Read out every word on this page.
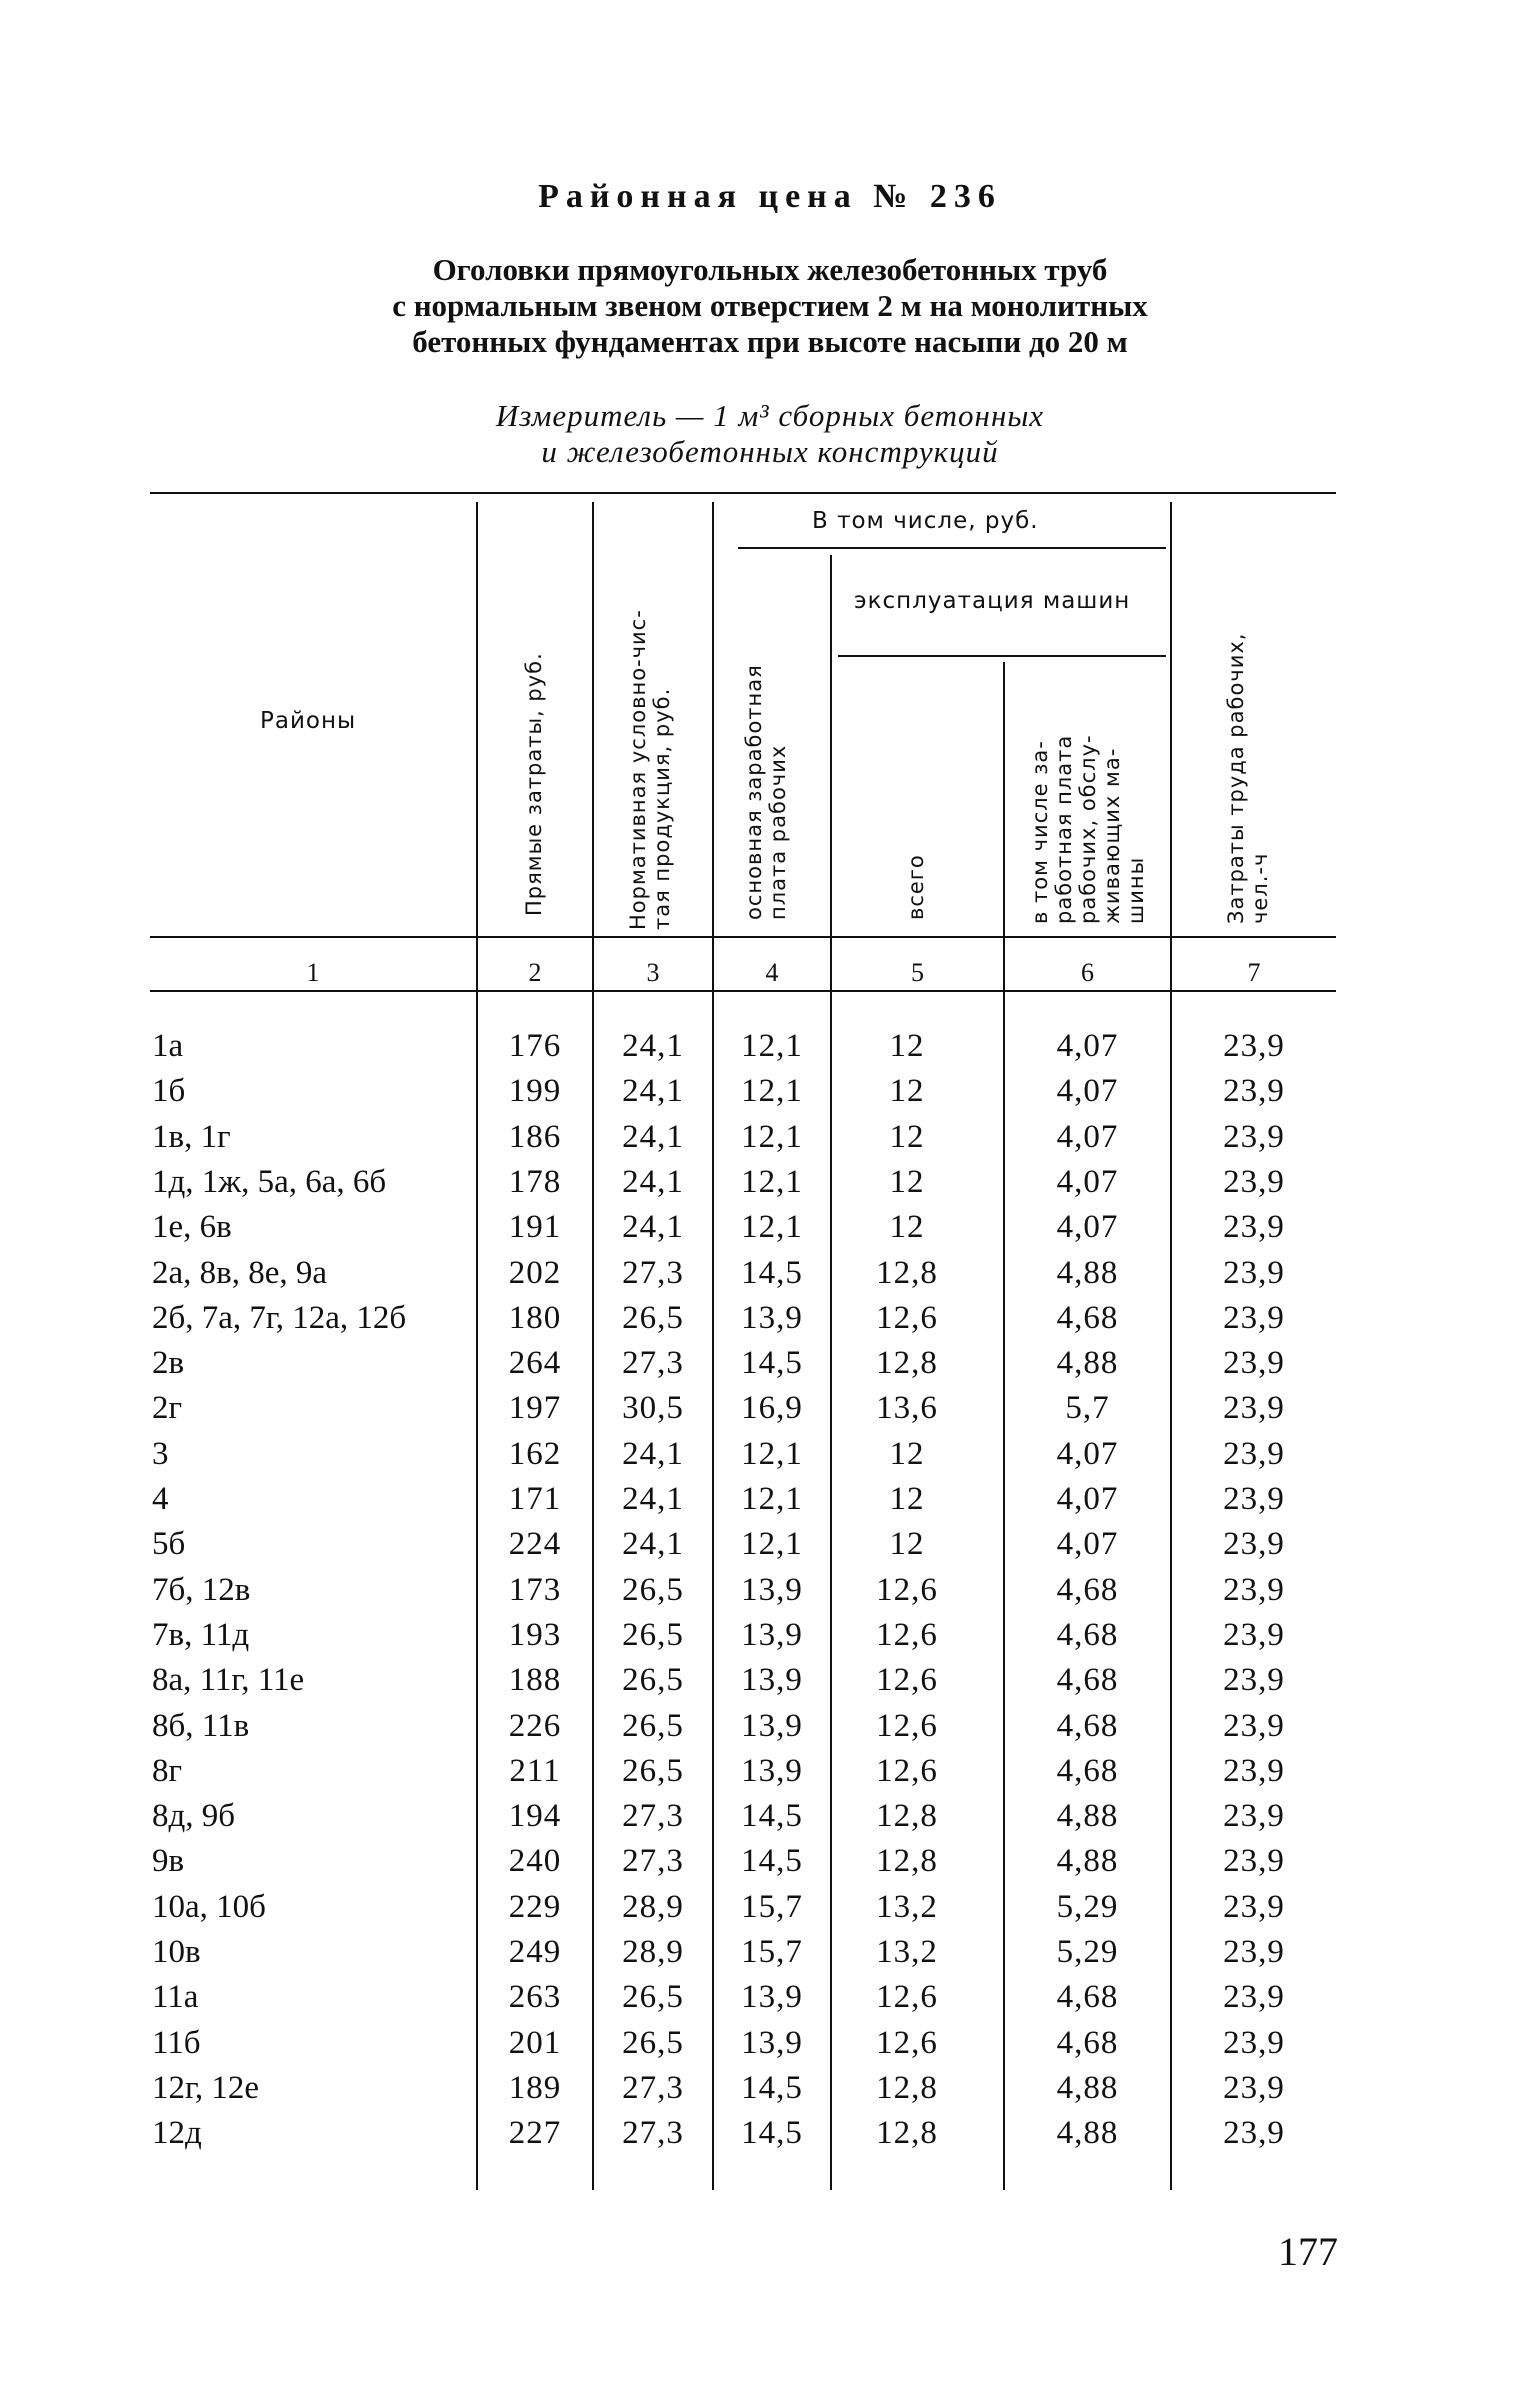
Районная цена № 236
Оголовки прямоугольных железобетонных труб
с нормальным звеном отверстием 2 м на монолитных
бетонных фундаментах при высоте насыпи до 20 м
Измеритель — 1 м³ сборных бетонных
и железобетонных конструкций
Районы
В том числе, руб.
эксплуатация машин
Прямые затраты, руб.	Нормативная условно-чис- тая продукция, руб.	основная заработная плата рабочих	всего	в том числе за- работная плата рабочих, обслу- живающих ма- шины	Затраты труда рабочих, чел.-ч
1	2	3	4	5	6	7
1а	176	24,1	12,1	12	4,07	23,9
1б	199	24,1	12,1	12	4,07	23,9
1в, 1г	186	24,1	12,1	12	4,07	23,9
1д, 1ж, 5а, 6а, 6б	178	24,1	12,1	12	4,07	23,9
1е, 6в	191	24,1	12,1	12	4,07	23,9
2а, 8в, 8е, 9а	202	27,3	14,5	12,8	4,88	23,9
2б, 7а, 7г, 12а, 12б	180	26,5	13,9	12,6	4,68	23,9
2в	264	27,3	14,5	12,8	4,88	23,9
2г	197	30,5	16,9	13,6	5,7	23,9
3	162	24,1	12,1	12	4,07	23,9
4	171	24,1	12,1	12	4,07	23,9
5б	224	24,1	12,1	12	4,07	23,9
7б, 12в	173	26,5	13,9	12,6	4,68	23,9
7в, 11д	193	26,5	13,9	12,6	4,68	23,9
8а, 11г, 11е	188	26,5	13,9	12,6	4,68	23,9
8б, 11в	226	26,5	13,9	12,6	4,68	23,9
8г	211	26,5	13,9	12,6	4,68	23,9
8д, 9б	194	27,3	14,5	12,8	4,88	23,9
9в	240	27,3	14,5	12,8	4,88	23,9
10а, 10б	229	28,9	15,7	13,2	5,29	23,9
10в	249	28,9	15,7	13,2	5,29	23,9
11а	263	26,5	13,9	12,6	4,68	23,9
11б	201	26,5	13,9	12,6	4,68	23,9
12г, 12е	189	27,3	14,5	12,8	4,88	23,9
12д	227	27,3	14,5	12,8	4,88	23,9
177
